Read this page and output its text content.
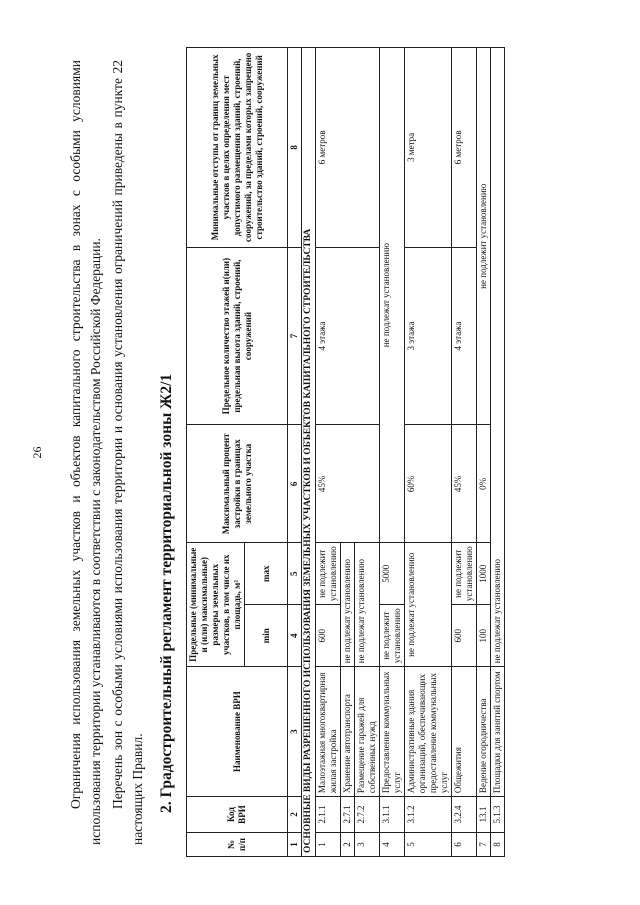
26 Ограничения использования земельных участков и объектов капитального строительства в зонах с особыми условиями использования территории устанавливаются в соответствии с законодательством Российской Федерации. Перечень зон с особыми условиями использования территории и основания установления ограничений приведены в пункте 22 настоящих Правил. 2. Градостроительный регламент территориальной зоны Ж2/1
№ п/п	Код ВРИ	Наименование ВРИ	Предельные (минимальные и (или) максимальные) размеры земельных участков, в том числе их площадь, м²		Максимальный процент застройки в границах земельного участка	Предельное количество этажей и(или) предельная высота зданий, строений, сооружений	Минимальные отступы от границ земельных участков в целях определения мест допустимого размещения зданий, строений, сооружений, за пределами которых запрещено строительство зданий, строений, сооружений
			min	max			
1	2	3	4	5	6	7	8
ОСНОВНЫЕ ВИДЫ РАЗРЕШЕННОГО ИСПОЛЬЗОВАНИЯ ЗЕМЕЛЬНЫХ УЧАСТКОВ И ОБЪЕКТОВ КАПИТАЛЬНОГО СТРОИТЕЛЬСТВА							
1	2.1.1	Малоэтажная многоквартирная жилая застройка	600	не подлежит установлению	45%	4 этажа	6 метров
2	2.7.1	Хранение автотранспорта	не подлежат установлению				
3	2.7.2	Размещение гаражей для собственных нужд	не подлежат установлению				
4	3.1.1	Предоставление коммунальных услуг	не подлежит установлению	5000	не подлежат установлению		
5	3.1.2	Административные здания организаций, обеспечивающих предоставление коммунальных услуг	не подлежат установлению		60%	3 этажа	3 метра
6	3.2.4	Общежития	600	не подлежит установлению	45%	4 этажа	6 метров
7	13.1	Ведение огородничества	100	1000	0%	не подлежит установлению	
8	5.1.3	Площадки для занятий спортом	не подлежат установлению				
